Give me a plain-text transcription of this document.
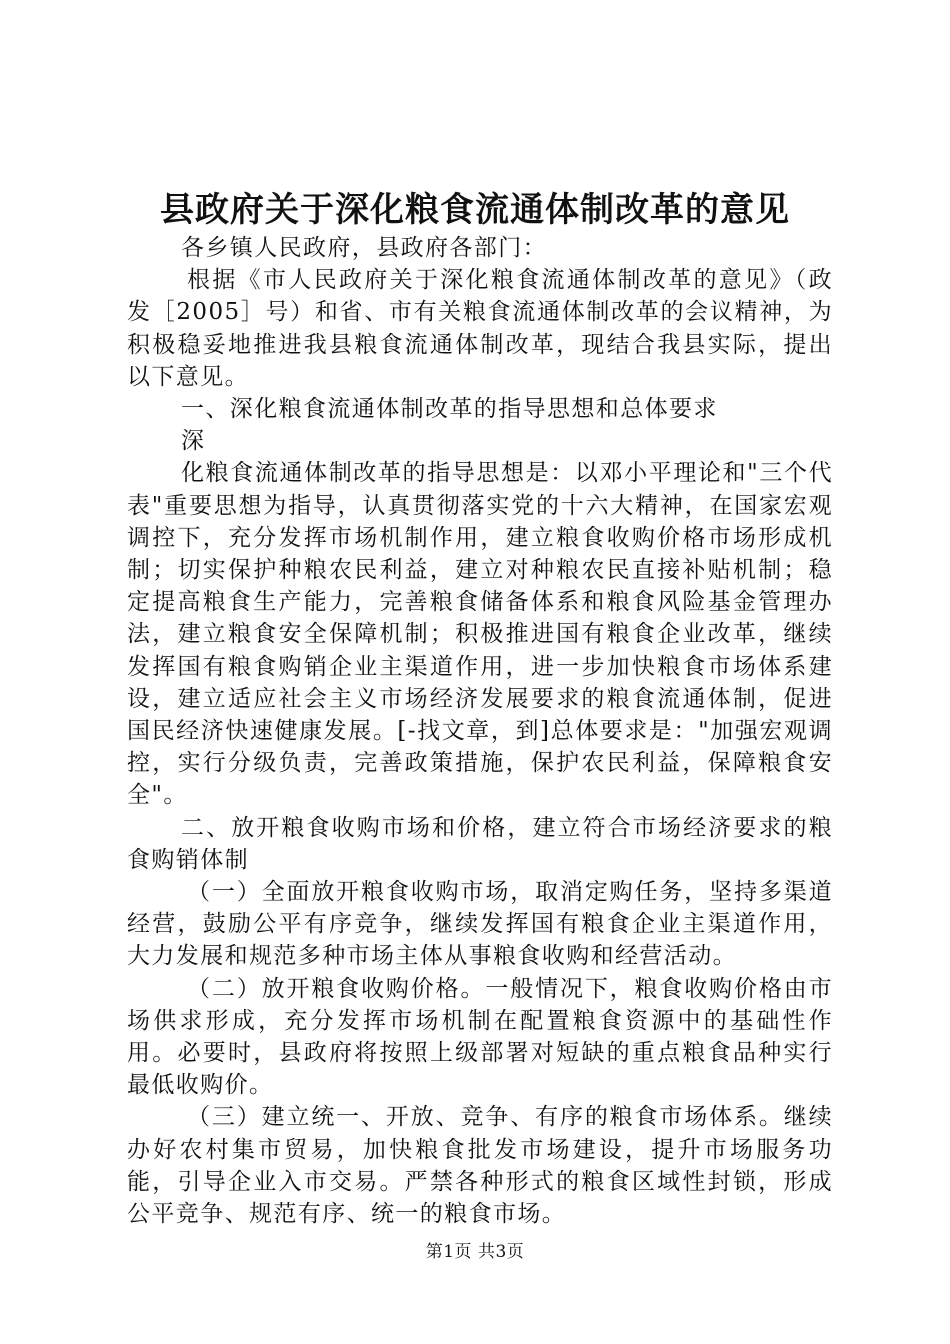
县政府关于深化粮食流通体制改革的意见

各乡镇人民政府，县政府各部门：

根据《市人民政府关于深化粮食流通体制改革的意见》（政发［2005］号）和省、市有关粮食流通体制改革的会议精神，为积极稳妥地推进我县粮食流通体制改革，现结合我县实际，提出以下意见。

一、深化粮食流通体制改革的指导思想和总体要求

深

化粮食流通体制改革的指导思想是：以邓小平理论和"三个代表"重要思想为指导，认真贯彻落实党的十六大精神，在国家宏观调控下，充分发挥市场机制作用，建立粮食收购价格市场形成机制；切实保护种粮农民利益，建立对种粮农民直接补贴机制；稳定提高粮食生产能力，完善粮食储备体系和粮食风险基金管理办法，建立粮食安全保障机制；积极推进国有粮食企业改革，继续发挥国有粮食购销企业主渠道作用，进一步加快粮食市场体系建设，建立适应社会主义市场经济发展要求的粮食流通体制，促进国民经济快速健康发展。[-找文章，到]总体要求是："加强宏观调控，实行分级负责，完善政策措施，保护农民利益，保障粮食安全"。

二、放开粮食收购市场和价格，建立符合市场经济要求的粮食购销体制

（一）全面放开粮食收购市场，取消定购任务，坚持多渠道经营，鼓励公平有序竞争，继续发挥国有粮食企业主渠道作用，大力发展和规范多种市场主体从事粮食收购和经营活动。

（二）放开粮食收购价格。一般情况下，粮食收购价格由市场供求形成，充分发挥市场机制在配置粮食资源中的基础性作用。必要时，县政府将按照上级部署对短缺的重点粮食品种实行最低收购价。

（三）建立统一、开放、竞争、有序的粮食市场体系。继续办好农村集市贸易，加快粮食批发市场建设，提升市场服务功能，引导企业入市交易。严禁各种形式的粮食区域性封锁，形成公平竞争、规范有序、统一的粮食市场。

第1页 共3页
